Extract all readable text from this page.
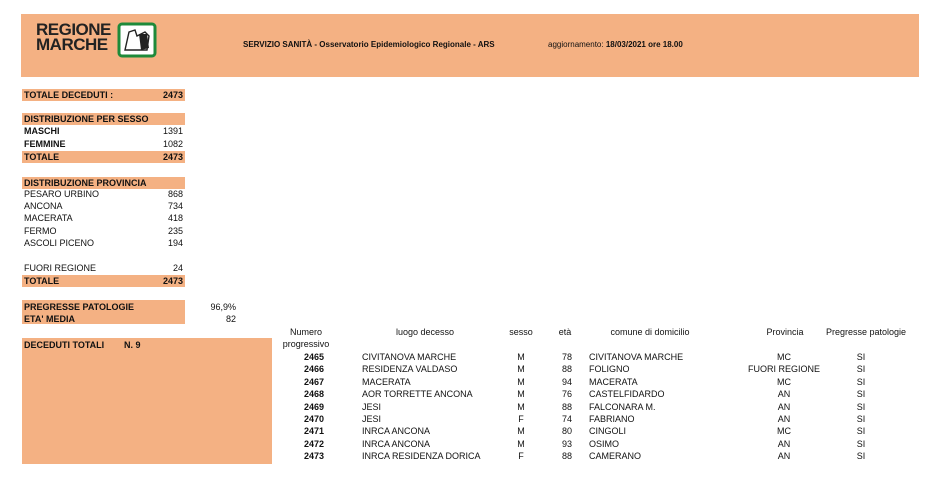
REGIONE
MARCHE	SERVIZIO SANITÀ - Osservatorio Epidemiologico Regionale - ARS	aggiornamento: 18/03/2021 ore 18.00
TOTALE DECEDUTI :	2473
DISTRIBUZIONE PER SESSO
MASCHI	1391
FEMMINE	1082
TOTALE	2473
DISTRIBUZIONE PROVINCIA
PESARO URBINO	868
ANCONA	734
MACERATA	418
FERMO	235
ASCOLI PICENO	194
FUORI REGIONE	24
TOTALE	2473
PREGRESSE PATOLOGIE	96,9%
ETA' MEDIA	82
DECEDUTI TOTALI N. 9
Numero
progressivo
luogo decesso	sesso	età	comune di domicilio	Provincia	Pregresse patologie
2465	CIVITANOVA MARCHE	M	78	CIVITANOVA MARCHE	MC	SI
2466	RESIDENZA VALDASO	M	88	FOLIGNO	FUORI REGIONE	SI
2467	MACERATA	M	94	MACERATA	MC	SI
2468	AOR TORRETTE ANCONA	M	76	CASTELFIDARDO	AN	SI
2469	JESI	M	88	FALCONARA M.	AN	SI
2470	JESI	F	74	FABRIANO	AN	SI
2471	INRCA ANCONA	M	80	CINGOLI	MC	SI
2472	INRCA ANCONA	M	93	OSIMO	AN	SI
2473	INRCA RESIDENZA DORICA	F	88	CAMERANO	AN	SI
